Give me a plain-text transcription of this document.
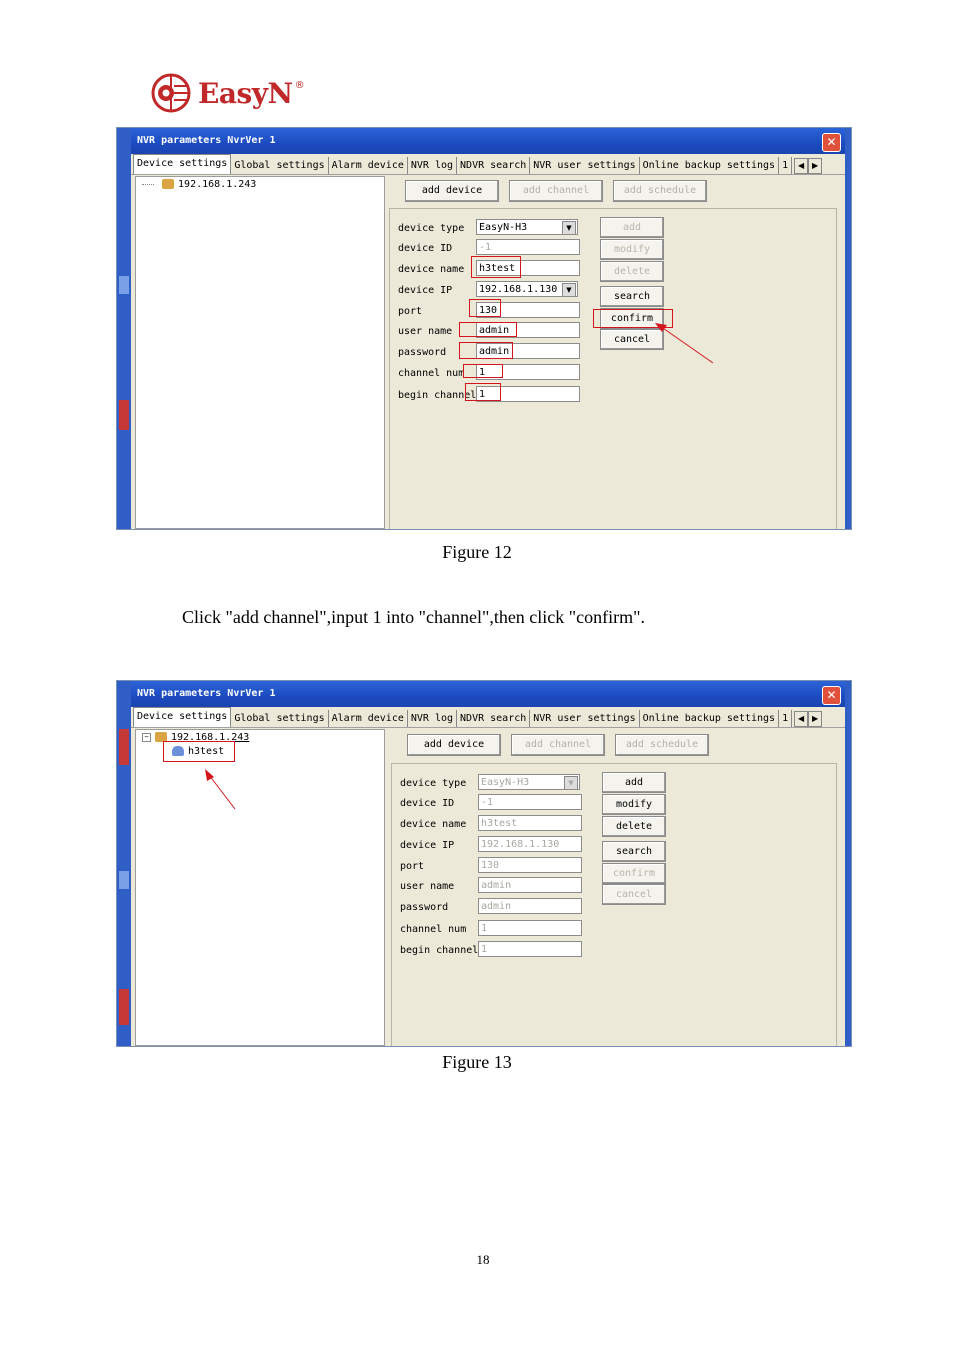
EasyN ®
NVR parameters NvrVer 1	✕
Device settings Global settings Alarm device NVR log NDVR search NVR user settings Online backup settings 1	◀ ▶
192.168.1.243
add device	add channel	add schedule
device type	EasyN-H3	▼
device ID	-1
device name	h3test
device IP	192.168.1.130	▼
port	130
user name	admin
password	admin
channel num	1
begin channel 1
add
modify
delete
search
confirm
cancel
Figure 12
Click "add channel",input 1 into "channel",then click "confirm".
NVR parameters NvrVer 1	✕
Device settings Global settings Alarm device NVR log NDVR search NVR user settings Online backup settings 1	◀ ▶
− 192.168.1.243
h3test
add device	add channel	add schedule
device type	EasyN-H3	▼
device ID	-1
device name	h3test
device IP	192.168.1.130
port	130
user name	admin
password	admin
channel num	1
begin channel 1
add
modify
delete
search
confirm
cancel
Figure 13
18
